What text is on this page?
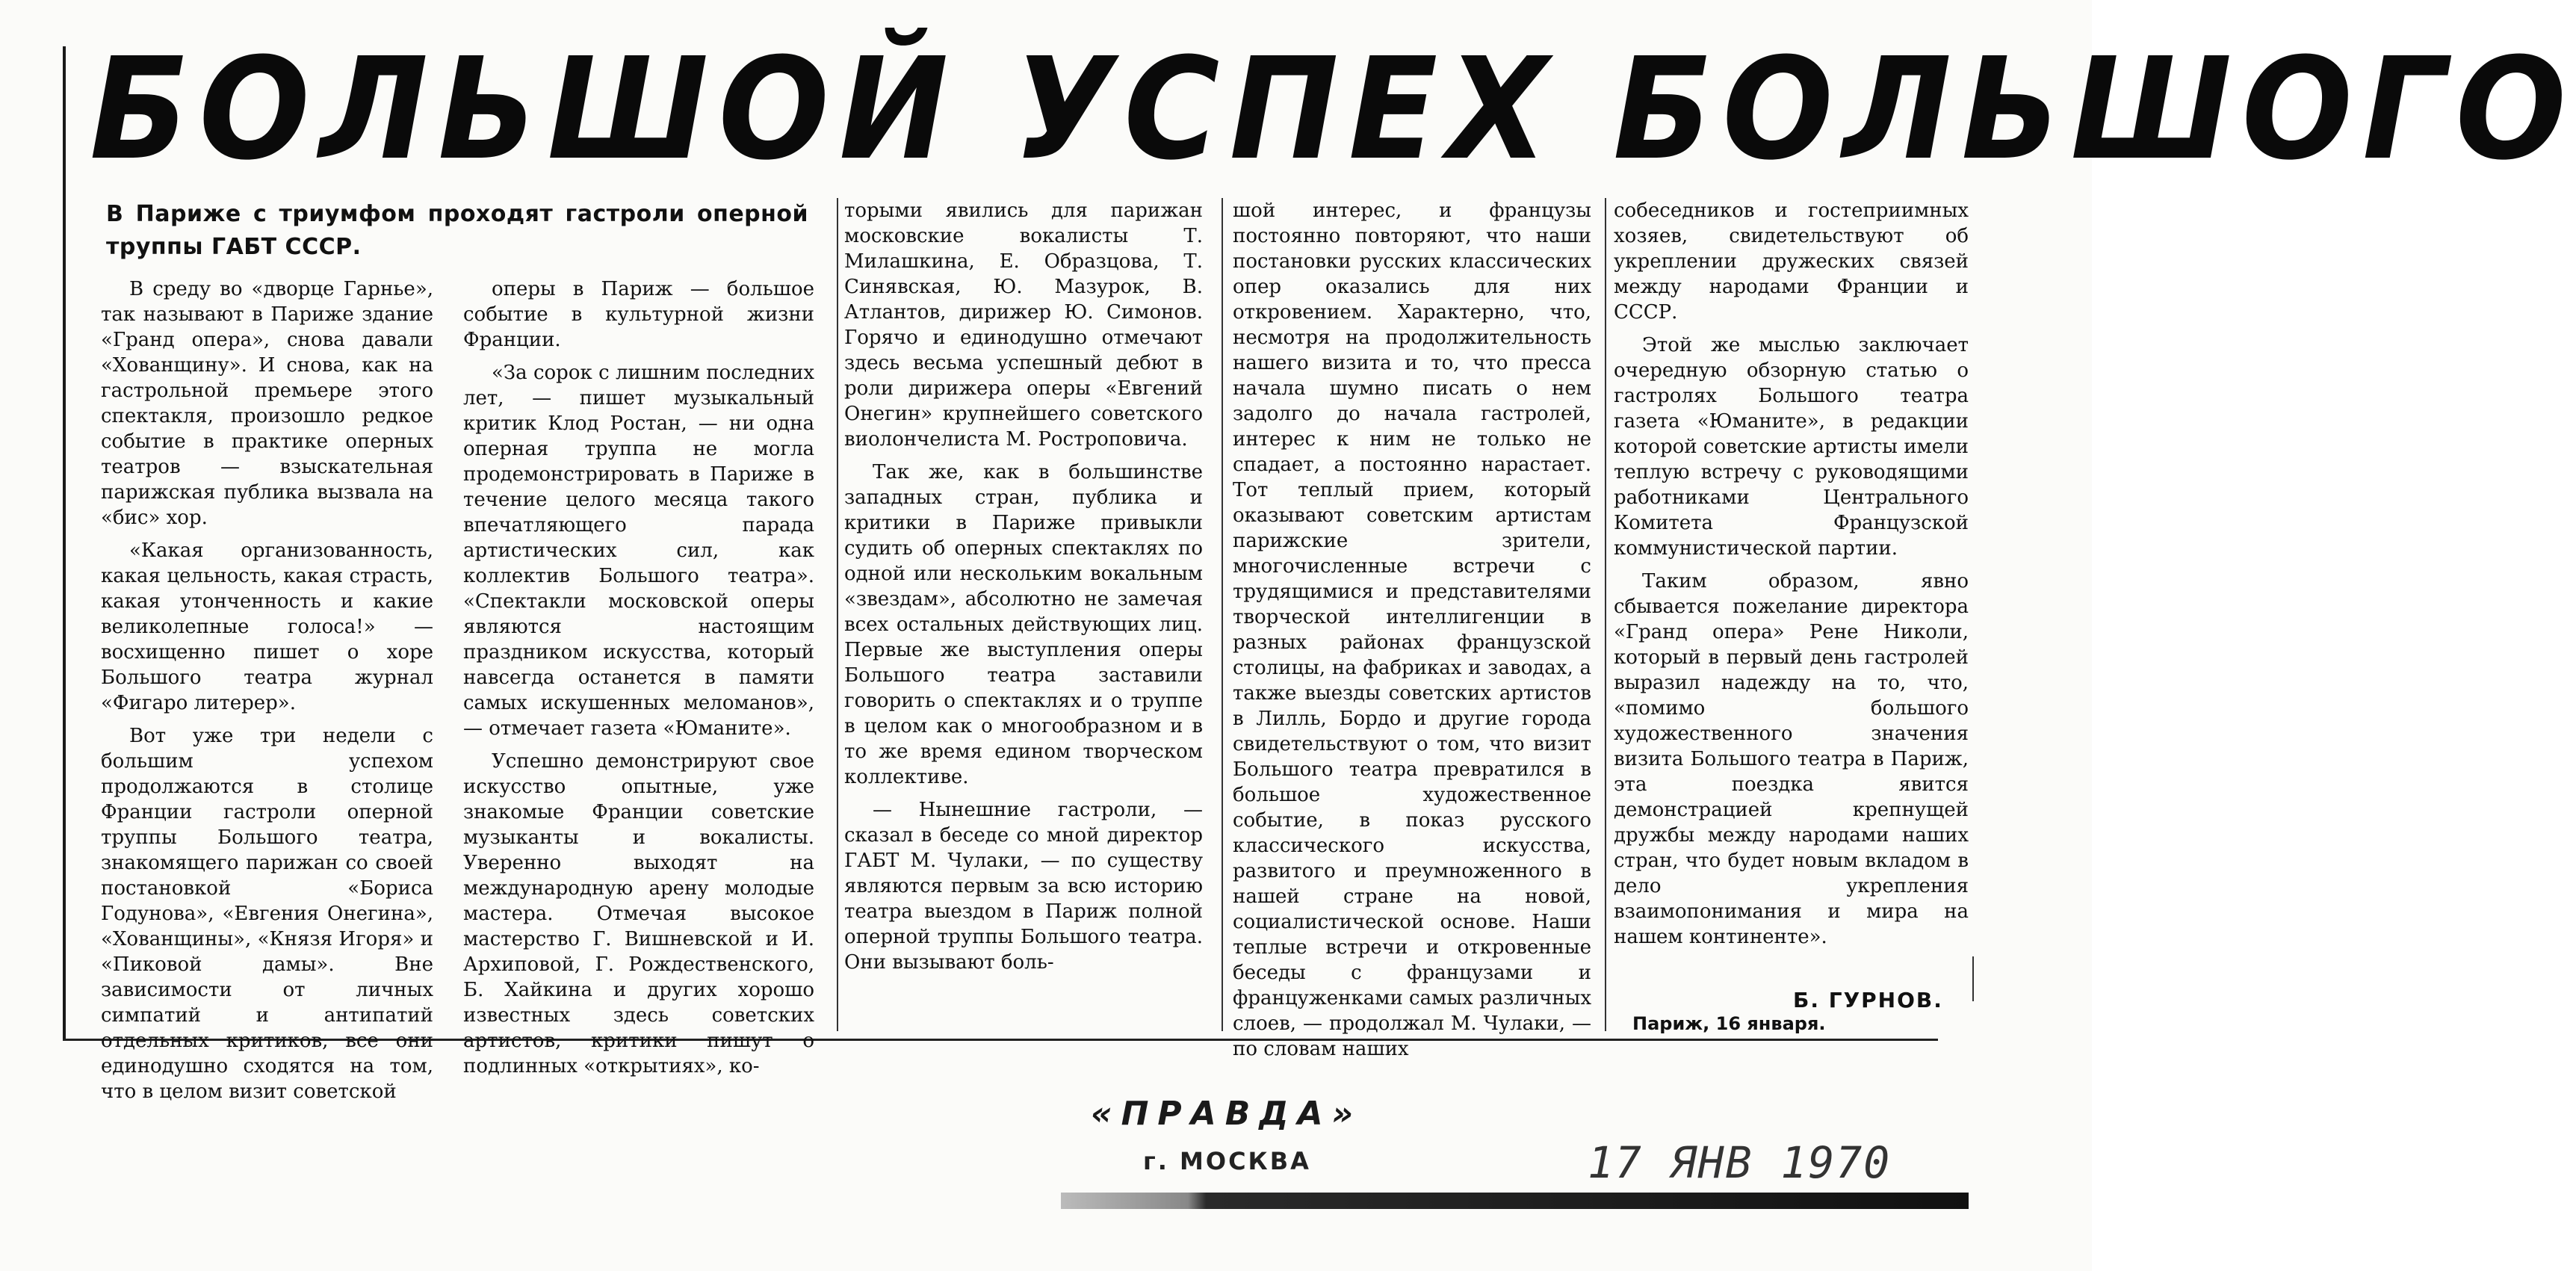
БОЛЬШОЙ УСПЕХ БОЛЬШОГО

В Париже с триумфом проходят гастроли оперной труппы ГАБТ СССР.

В среду во «дворце Гарнье», так называют в Париже здание «Гранд опера», снова давали «Хованщину». И снова, как на гастрольной премьере этого спектакля, произошло редкое событие в практике оперных театров — взыскательная парижская публика вызвала на «бис» хор.

«Какая организованность, какая цельность, какая страсть, какая утонченность и какие великолепные голоса!» — восхищенно пишет о хоре Большого театра журнал «Фигаро литерер».

Вот уже три недели с большим успехом продолжаются в столице Франции гастроли оперной труппы Большого театра, знакомящего парижан со своей постановкой «Бориса Годунова», «Евгения Онегина», «Хованщины», «Князя Игоря» и «Пиковой дамы». Вне зависимости от личных симпатий и антипатий отдельных критиков, все они единодушно сходятся на том, что в целом визит советской

оперы в Париж — большое событие в культурной жизни Франции.

«За сорок с лишним последних лет, — пишет музыкальный критик Клод Ростан, — ни одна оперная труппа не могла продемонстрировать в Париже в течение целого месяца такого впечатляющего парада артистических сил, как коллектив Большого театра». «Спектакли московской оперы являются настоящим праздником искусства, который навсегда останется в памяти самых искушенных меломанов», — отмечает газета «Юманите».

Успешно демонстрируют свое искусство опытные, уже знакомые Франции советские музыканты и вокалисты. Уверенно выходят на международную арену молодые мастера. Отмечая высокое мастерство Г. Вишневской и И. Архиповой, Г. Рождественского, Б. Хайкина и других хорошо известных здесь советских артистов, критики пишут о подлинных «открытиях», ко-

торыми явились для парижан московские вокалисты Т. Милашкина, Е. Образцова, Т. Синявская, Ю. Мазурок, В. Атлантов, дирижер Ю. Симонов. Горячо и единодушно отмечают здесь весьма успешный дебют в роли дирижера оперы «Евгений Онегин» крупнейшего советского виолончелиста М. Ростроповича.

Так же, как в большинстве западных стран, публика и критики в Париже привыкли судить об оперных спектаклях по одной или нескольким вокальным «звездам», абсолютно не замечая всех остальных действующих лиц. Первые же выступления оперы Большого театра заставили говорить о спектаклях и о труппе в целом как о многообразном и в то же время едином творческом коллективе.

— Нынешние гастроли, — сказал в беседе со мной директор ГАБТ М. Чулаки, — по существу являются первым за всю историю театра выездом в Париж полной оперной труппы Большого театра. Они вызывают боль-

шой интерес, и французы постоянно повторяют, что наши постановки русских классических опер оказались для них откровением. Характерно, что, несмотря на продолжительность нашего визита и то, что пресса начала шумно писать о нем задолго до начала гастролей, интерес к ним не только не спадает, а постоянно нарастает. Тот теплый прием, который оказывают советским артистам парижские зрители, многочисленные встречи с трудящимися и представителями творческой интеллигенции в разных районах французской столицы, на фабриках и заводах, а также выезды советских артистов в Лилль, Бордо и другие города свидетельствуют о том, что визит Большого театра превратился в большое художественное событие, в показ русского классического искусства, развитого и преумноженного в нашей стране на новой, социалистической основе. Наши теплые встречи и откровенные беседы с французами и француженками самых различных слоев, — продолжал М. Чулаки, — по словам наших

собеседников и гостеприимных хозяев, свидетельствуют об укреплении дружеских связей между народами Франции и СССР.

Этой же мыслью заключает очередную обзорную статью о гастролях Большого театра газета «Юманите», в редакции которой советские артисты имели теплую встречу с руководящими работниками Центрального Комитета Французской коммунистической партии.

Таким образом, явно сбывается пожелание директора «Гранд опера» Рене Николи, который в первый день гастролей выразил надежду на то, что, «помимо большого художественного значения визита Большого театра в Париж, эта поездка явится демонстрацией крепнущей дружбы между народами наших стран, что будет новым вкладом в дело укрепления взаимопонимания и мира на нашем континенте».

Б. ГУРНОВ.
Париж, 16 января.
«ПРАВДА»
г. МОСКВА	17 ЯНВ 1970
